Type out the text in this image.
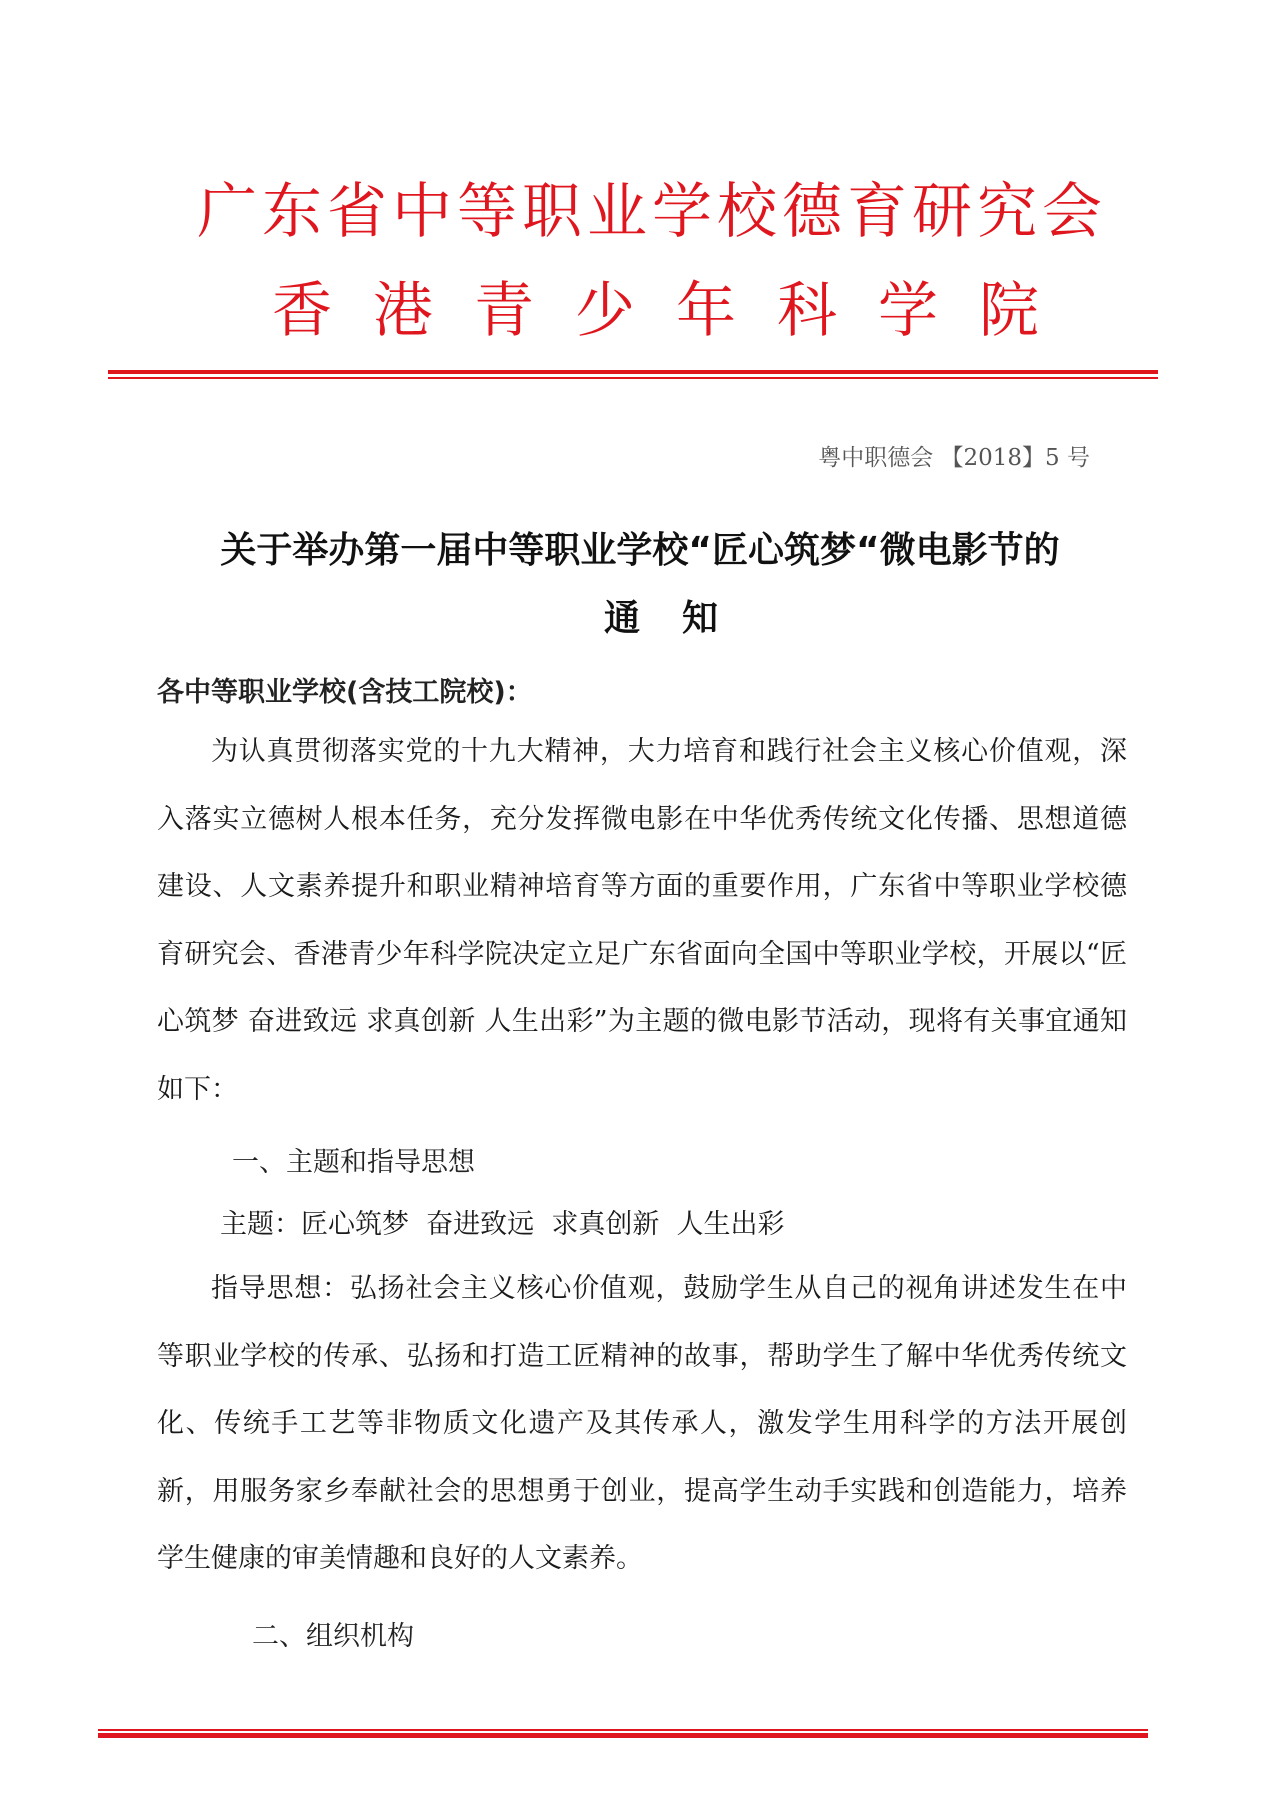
广东省中等职业学校德育研究会
香港青少年科学院
粤中职德会 【2018】5 号
关于举办第一届中等职业学校“匠心筑梦“微电影节的
通知
各中等职业学校(含技工院校)：

为认真贯彻落实党的十九大精神，大力培育和践行社会主义核心价值观，深入落实立德树人根本任务，充分发挥微电影在中华优秀传统文化传播、思想道德建设、人文素养提升和职业精神培育等方面的重要作用，广东省中等职业学校德育研究会、香港青少年科学院决定立足广东省面向全国中等职业学校，开展以“匠心筑梦 奋进致远 求真创新 人生出彩”为主题的微电影节活动，现将有关事宜通知如下：

一、主题和指导思想
主题：匠心筑梦  奋进致远  求真创新  人生出彩

指导思想：弘扬社会主义核心价值观，鼓励学生从自己的视角讲述发生在中等职业学校的传承、弘扬和打造工匠精神的故事，帮助学生了解中华优秀传统文化、传统手工艺等非物质文化遗产及其传承人，激发学生用科学的方法开展创新，用服务家乡奉献社会的思想勇于创业，提高学生动手实践和创造能力，培养学生健康的审美情趣和良好的人文素养。

二、组织机构
